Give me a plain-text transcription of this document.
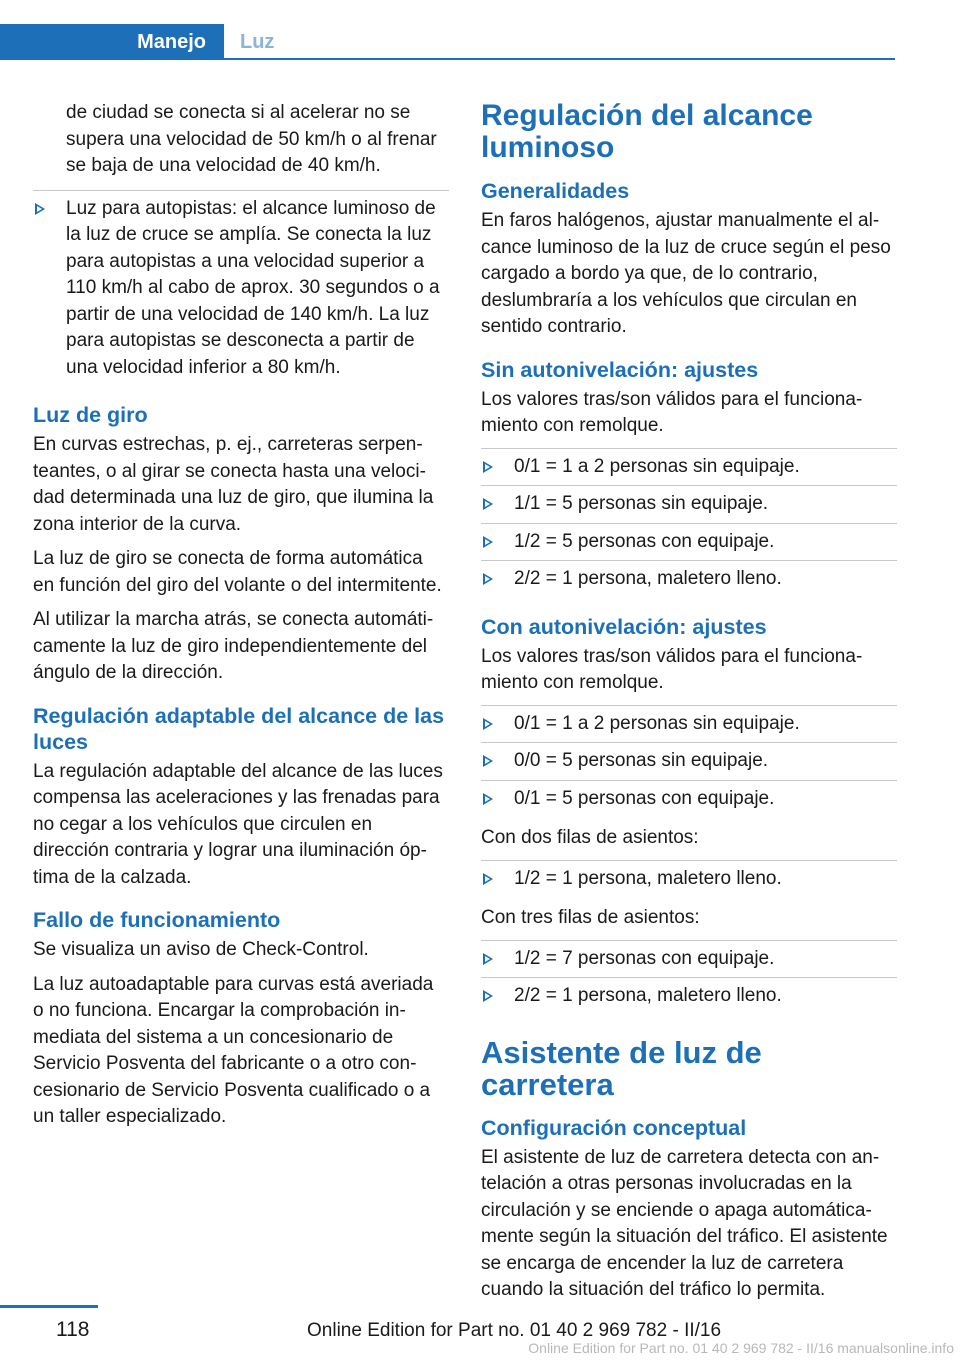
Manejo Luz

de ciudad se conecta si al acelerar no se supera una velocidad de 50 km/h o al frenar se baja de una velocidad de 40 km/h.

Luz para autopistas: el alcance luminoso de la luz de cruce se amplía. Se conecta la luz para autopistas a una velocidad superior a 110 km/h al cabo de aprox. 30 segundos o a partir de una velocidad de 140 km/h. La luz para autopistas se desconecta a partir de una velocidad inferior a 80 km/h.
Luz de giro

En curvas estrechas, p. ej., carreteras serpenteantes, o al girar se conecta hasta una velocidad determinada una luz de giro, que ilumina la zona interior de la curva.

La luz de giro se conecta de forma automática en función del giro del volante o del intermitente.

Al utilizar la marcha atrás, se conecta automáticamente la luz de giro independientemente del ángulo de la dirección.

Regulación adaptable del alcance de las luces

La regulación adaptable del alcance de las luces compensa las aceleraciones y las frenadas para no cegar a los vehículos que circulen en dirección contraria y lograr una iluminación óptima de la calzada.

Fallo de funcionamiento

Se visualiza un aviso de Check-Control.

La luz autoadaptable para curvas está averiada o no funciona. Encargar la comprobación inmediata del sistema a un concesionario de Servicio Posventa del fabricante o a otro concesionario de Servicio Posventa cualificado o a un taller especializado.

Regulación del alcance luminoso
Generalidades

En faros halógenos, ajustar manualmente el alcance luminoso de la luz de cruce según el peso cargado a bordo ya que, de lo contrario, deslumbraría a los vehículos que circulan en sentido contrario.

Sin autonivelación: ajustes

Los valores tras/son válidos para el funcionamiento con remolque.

0/1 = 1 a 2 personas sin equipaje.
1/1 = 5 personas sin equipaje.
1/2 = 5 personas con equipaje.
2/2 = 1 persona, maletero lleno.
Con autonivelación: ajustes

Los valores tras/son válidos para el funcionamiento con remolque.

0/1 = 1 a 2 personas sin equipaje.
0/0 = 5 personas sin equipaje.
0/1 = 5 personas con equipaje.

Con dos filas de asientos:

1/2 = 1 persona, maletero lleno.

Con tres filas de asientos:

1/2 = 7 personas con equipaje.
2/2 = 1 persona, maletero lleno.
Asistente de luz de carretera
Configuración conceptual

El asistente de luz de carretera detecta con antelación a otras personas involucradas en la circulación y se enciende o apaga automáticamente según la situación del tráfico. El asistente se encarga de encender la luz de carretera cuando la situación del tráfico lo permita.

118	Online Edition for Part no. 01 40 2 969 782 - II/16
Online Edition for Part no. 01 40 2 969 782 - II/16 manualsonline.info
